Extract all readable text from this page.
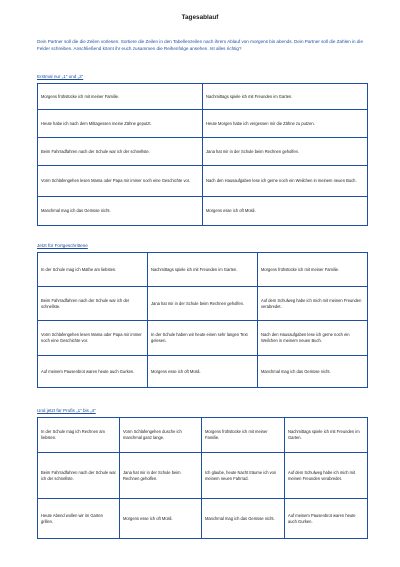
Tagesablauf
Dein Partner soll die die Zeilen vorlesen. Sortiere die Zeilen in den Tabellenzeilen nach ihrem Ablauf von morgens bis abends. Dein Partner soll die Zahlen in die Felder schreiben. Anschließend könnt ihr euch zusammen die Reihenfolge ansehen. Ist alles richtig?
Erstmal nur „1“ und „2“
Morgens frühstücke ich mit meiner Familie.	Nachmittags spiele ich mit Freunden im Garten.
Heute habe ich nach dem Mittagessen meine Zähne geputzt.	Heute Morgen habe ich vergessen mir die Zähne zu putzen.
Beim Fahrradfahren nach der Schule war ich der schnellste.	Jana hat mir in der Schule beim Rechnen geholfen.
Vorm Schlafengehen lesen Mama oder Papa mir immer noch eine Geschichte vor.	Nach den Hausaufgaben lese ich gerne noch ein Weilchen in meinem neuen Buch.
Manchmal mag ich das Gemüse nicht.	Morgens esse ich oft Müsli.
Jetzt für Fortgeschrittene
In der Schule mag ich Mathe am liebsten.	Nachmittags spiele ich mit Freunden im Garten.	Morgens frühstücke ich mit meiner Familie.
Beim Fahrradfahren nach der Schule war ich der schnellste.	Jana hat mir in der Schule beim Rechnen geholfen.	Auf dem Schulweg habe ich mich mit meinen Freunden verabredet.
Vorm Schlafengehen lesen Mama oder Papa mir immer noch eine Geschichte vor.	In der Schule haben wir heute einen sehr langen Text gelesen.	Nach den Hausaufgaben lese ich gerne noch ein Weilchen in meinem neuen Buch.
Auf meinem Pausenbrot waren heute auch Gurken.	Morgens esse ich oft Müsli.	Manchmal mag ich das Gemüse nicht.
Und jetzt für Profis „1“ bis „4“
In der Schule mag ich Rechnen am liebsten.	Vorm Schlafengehen dusche ich manchmal ganz lange.	Morgens frühstücke ich mit meiner Familie.	Nachmittags spiele ich mit Freunden im Garten.
Beim Fahrradfahren nach der Schule war ich der schnellste.	Jana hat mir in der Schule beim Rechnen geholfen.	Ich glaube, heute Nacht träume ich von meinem neuen Fahrrad.	Auf dem Schulweg habe ich mich mit meinen Freunden verabredet.
Heute Abend wollen wir im Garten grillen.	Morgens esse ich oft Müsli.	Manchmal mag ich das Gemüse nicht.	Auf meinem Pausenbrot waren heute auch Gurken.
